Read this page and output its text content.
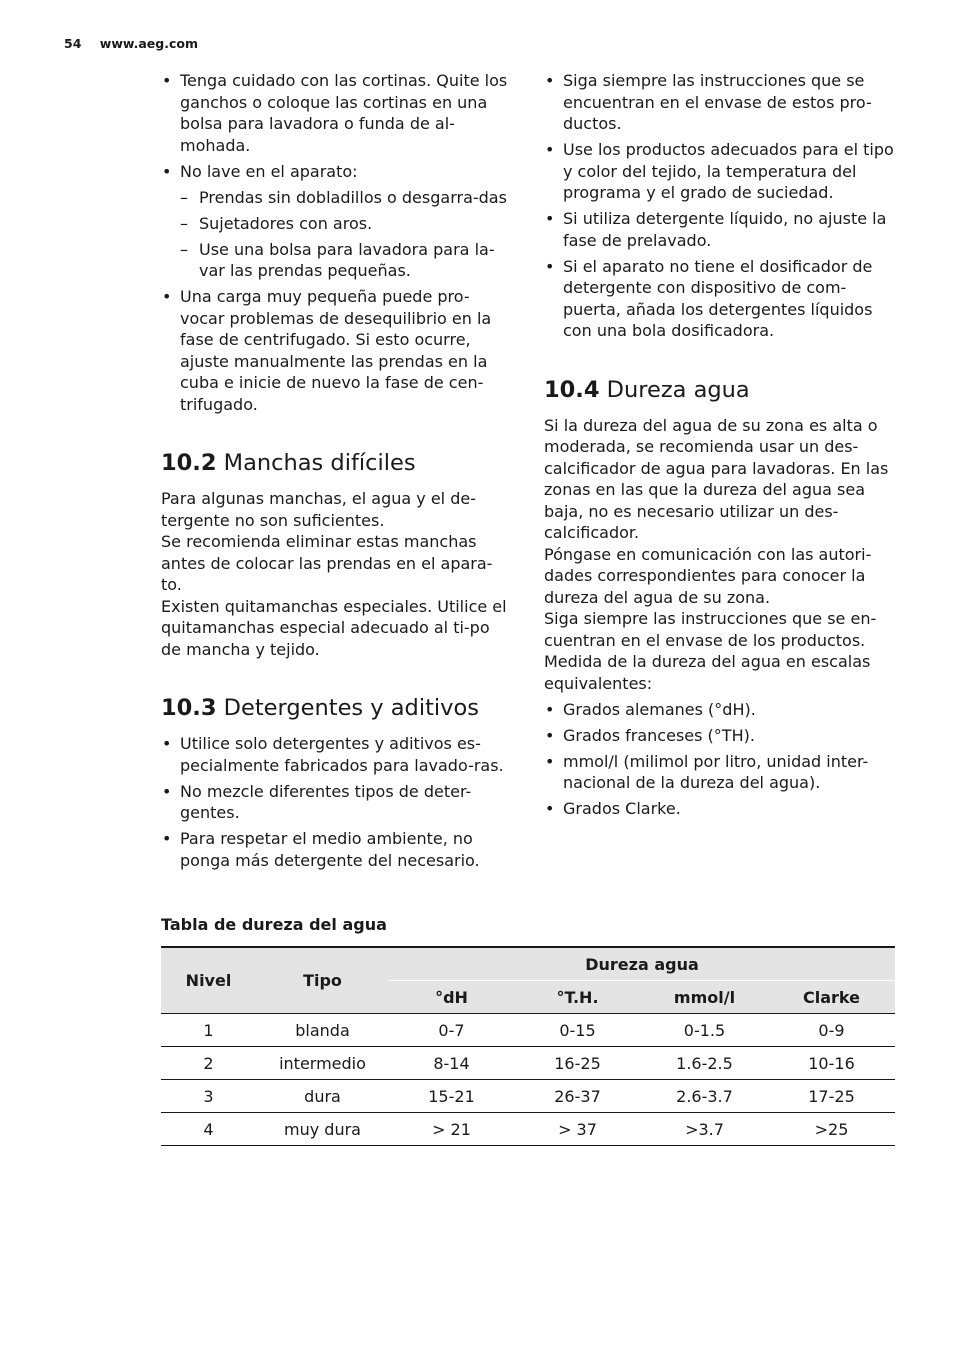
54 www.aeg.com
• Tenga cuidado con las cortinas. Quite los ganchos o coloque las cortinas en una bolsa para lavadora o funda de al-mohada.
• No lave en el aparato:
– Prendas sin dobladillos o desgarra-das
– Sujetadores con aros.
– Use una bolsa para lavadora para la-var las prendas pequeñas.
• Una carga muy pequeña puede pro-vocar problemas de desequilibrio en la fase de centrifugado. Si esto ocurre, ajuste manualmente las prendas en la cuba e inicie de nuevo la fase de cen-trifugado.
10.2 Manchas difíciles

Para algunas manchas, el agua y el de-tergente no son suficientes.

Se recomienda eliminar estas manchas antes de colocar las prendas en el apara-to.

Existen quitamanchas especiales. Utilice el quitamanchas especial adecuado al ti-po de mancha y tejido.

10.3 Detergentes y aditivos
• Utilice solo detergentes y aditivos es-pecialmente fabricados para lavado-ras.
• No mezcle diferentes tipos de deter-gentes.
• Para respetar el medio ambiente, no ponga más detergente del necesario.
• Siga siempre las instrucciones que se encuentran en el envase de estos pro-ductos.
• Use los productos adecuados para el tipo y color del tejido, la temperatura del programa y el grado de suciedad.
• Si utiliza detergente líquido, no ajuste la fase de prelavado.
• Si el aparato no tiene el dosificador de detergente con dispositivo de com-puerta, añada los detergentes líquidos con una bola dosificadora.
10.4 Dureza agua

Si la dureza del agua de su zona es alta o moderada, se recomienda usar un des-calcificador de agua para lavadoras. En las zonas en las que la dureza del agua sea baja, no es necesario utilizar un des-calcificador.

Póngase en comunicación con las autori-dades correspondientes para conocer la dureza del agua de su zona.

Siga siempre las instrucciones que se en-cuentran en el envase de los productos.

Medida de la dureza del agua en escalas equivalentes:

• Grados alemanes (°dH).
• Grados franceses (°TH).
• mmol/l (milimol por litro, unidad inter-nacional de la dureza del agua).
• Grados Clarke.
Tabla de dureza del agua
Nivel	Tipo	Dureza agua			
		°dH	°T.H.	mmol/l	Clarke
1	blanda	0-7	0-15	0-1.5	0-9
2	intermedio	8-14	16-25	1.6-2.5	10-16
3	dura	15-21	26-37	2.6-3.7	17-25
4	muy dura	> 21	> 37	>3.7	>25
